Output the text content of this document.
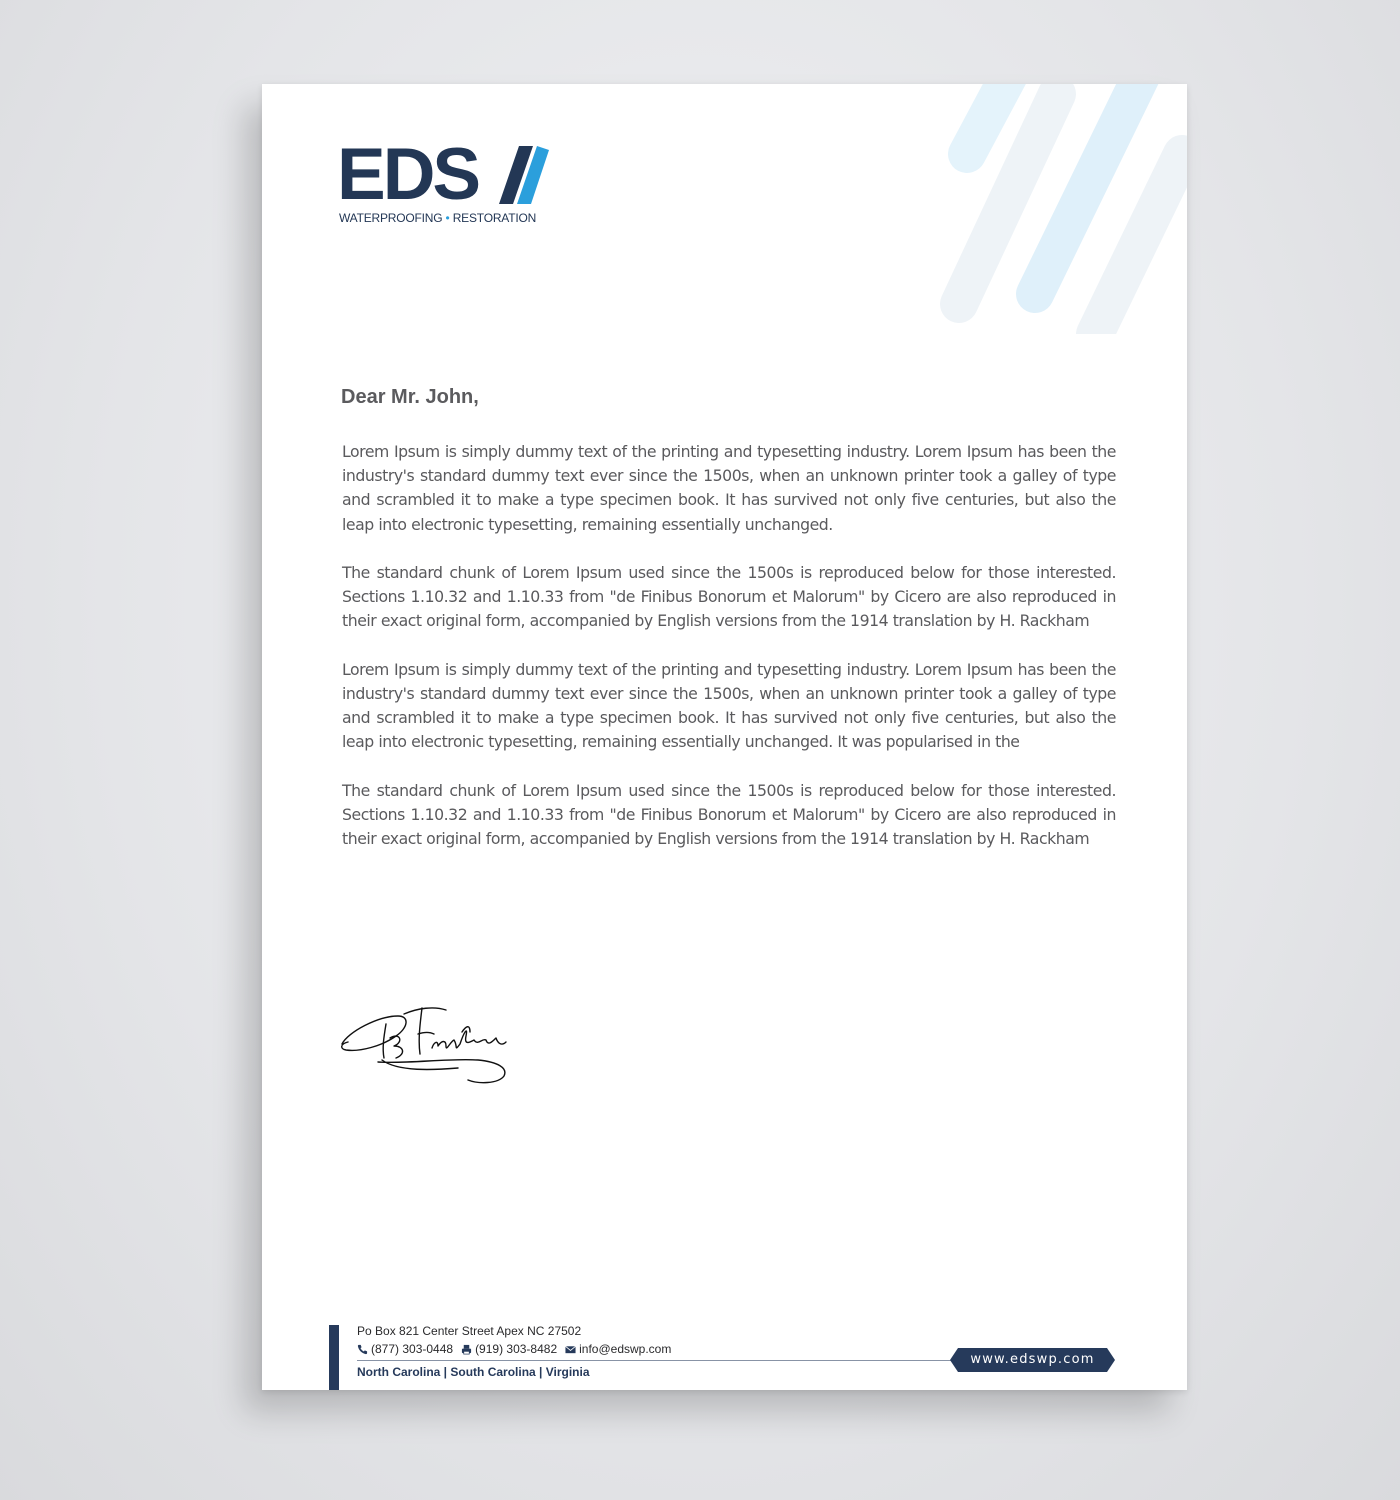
EDS
WATERPROOFING • RESTORATION
Dear Mr. John,

Lorem Ipsum is simply dummy text of the printing and typesetting industry. Lorem Ipsum has been the industry's standard dummy text ever since the 1500s, when an unknown printer took a galley of type and scrambled it to make a type specimen book. It has survived not only five centuries, but also the leap into electronic typesetting, remaining essentially unchanged.

The standard chunk of Lorem Ipsum used since the 1500s is reproduced below for those interested. Sections 1.10.32 and 1.10.33 from "de Finibus Bonorum et Malorum" by Cicero are also reproduced in their exact original form, accompanied by English versions from the 1914 translation by H. Rackham

Lorem Ipsum is simply dummy text of the printing and typesetting industry. Lorem Ipsum has been the industry's standard dummy text ever since the 1500s, when an unknown printer took a galley of type and scrambled it to make a type specimen book. It has survived not only five centuries, but also the leap into electronic typesetting, remaining essentially unchanged. It was popularised in the

The standard chunk of Lorem Ipsum used since the 1500s is reproduced below for those interested. Sections 1.10.32 and 1.10.33 from "de Finibus Bonorum et Malorum" by Cicero are also reproduced in their exact original form, accompanied by English versions from the 1914 translation by H. Rackham

Po Box 821 Center Street Apex NC 27502
(877) 303-0448 (919) 303-8482 info@edswp.com
North Carolina | South Carolina | Virginia
www.edswp.com
